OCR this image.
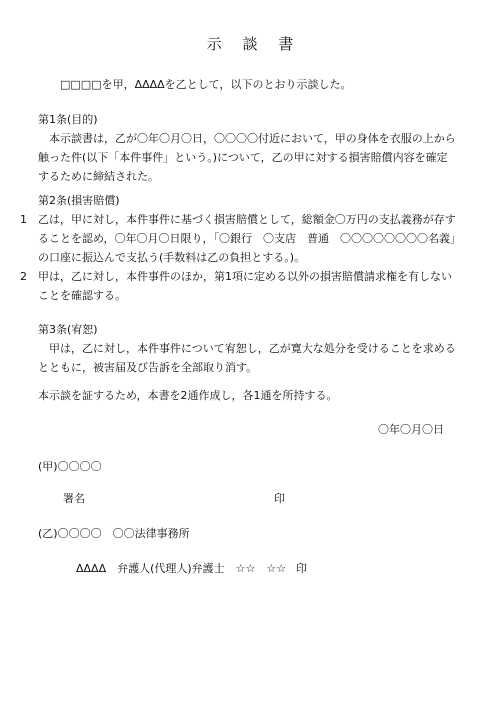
示 談 書
□□□□を甲，ΔΔΔΔを乙として，以下のとおり示談した。
第1条(目的)
本示談書は，乙が〇年〇月〇日，〇〇〇〇付近において，甲の身体を衣服の上から触った件(以下「本件事件」という。)について，乙の甲に対する損害賠償内容を確定するために締結された。
第2条(損害賠償)
1	乙は，甲に対し，本件事件に基づく損害賠償として，総額金〇万円の支払義務が存することを認め，〇年〇月〇日限り，「〇銀行　〇支店　普通　〇〇〇〇〇〇〇〇名義」の口座に振込んで支払う(手数料は乙の負担とする。)。
2	甲は，乙に対し，本件事件のほか，第1項に定める以外の損害賠償請求権を有しないことを確認する。
第3条(宥恕)
甲は，乙に対し，本件事件について宥恕し，乙が寛大な処分を受けることを求めるとともに，被害届及び告訴を全部取り消す。
本示談を証するため，本書を2通作成し，各1通を所持する。
〇年〇月〇日
(甲)〇〇〇〇
署名	印
(乙)〇〇〇〇　〇〇法律事務所
ΔΔΔΔ　弁護人(代理人)弁護士　☆☆　☆☆ 印
